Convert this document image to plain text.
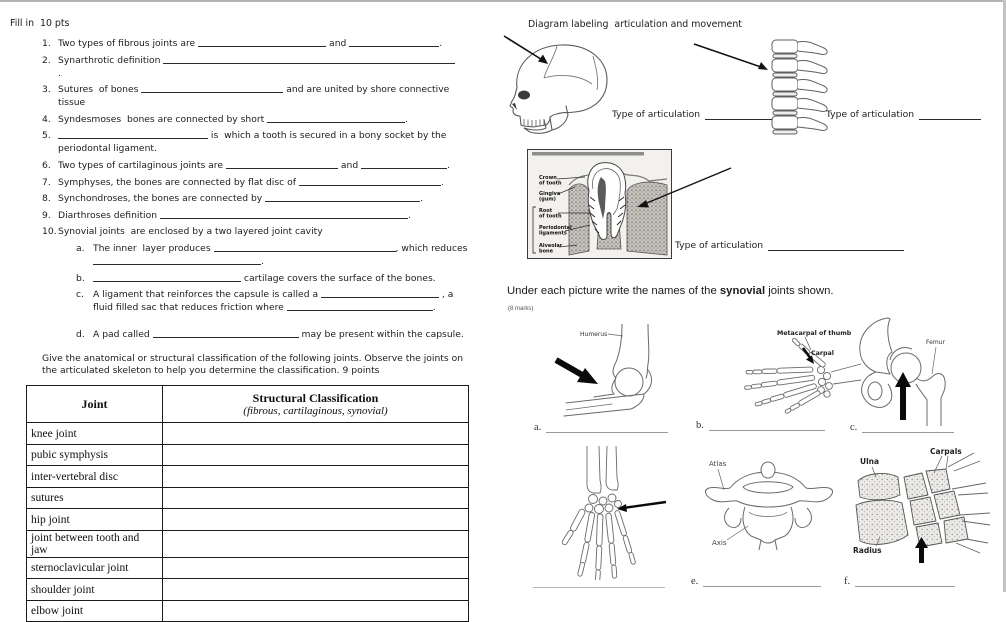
Fill in  10 pts
1. Two types of fibrous joints are	and	.
2. Synarthrotic definition .
3. Sutures  of bones	and are united by shore connective tissue
4. Syndesmoses  bones are connected by short	.
5.	is  which a tooth is secured in a bony socket by the periodontal ligament.
6. Two types of cartilaginous joints are	and	.
7. Symphyses, the bones are connected by flat disc of	.
8. Synchondroses, the bones are connected by	.
9. Diarthroses definition	.
10. Synovial joints  are enclosed by a two layered joint cavity
a. The inner  layer produces	, which reduces
.
b.	cartilage covers the surface of the bones.
c. A ligament that reinforces the capsule is called a	, a fluid filled sac that reduces friction where	.
d. A pad called	may be present within the capsule.

Give the anatomical or structural classification of the following joints. Observe the joints on the articulated skeleton to help you determine the classification. 9 points

Joint	Structural Classification
(fibrous, cartilaginous, synovial)

knee joint	
pubic symphysis	
inter-vertebral disc	
sutures	
hip joint	
joint between tooth and jaw	
sternoclavicular joint	
shoulder joint	
elbow joint	
Diagram labeling  articulation and movement
Type of articulation	Type of articulation
Crown of tooth
Gingiva (gum)
Root of tooth
Periodontal ligaments
Alveolar bone
Type of articulation
Under each picture write the names of the synovial joints shown.
(8 marks)
Humerus
a.
Metacarpal of thumb
Carpal
b.
Femur
c.
Atlas
Axis
e.
Carpals
Ulna
Radius
f.
